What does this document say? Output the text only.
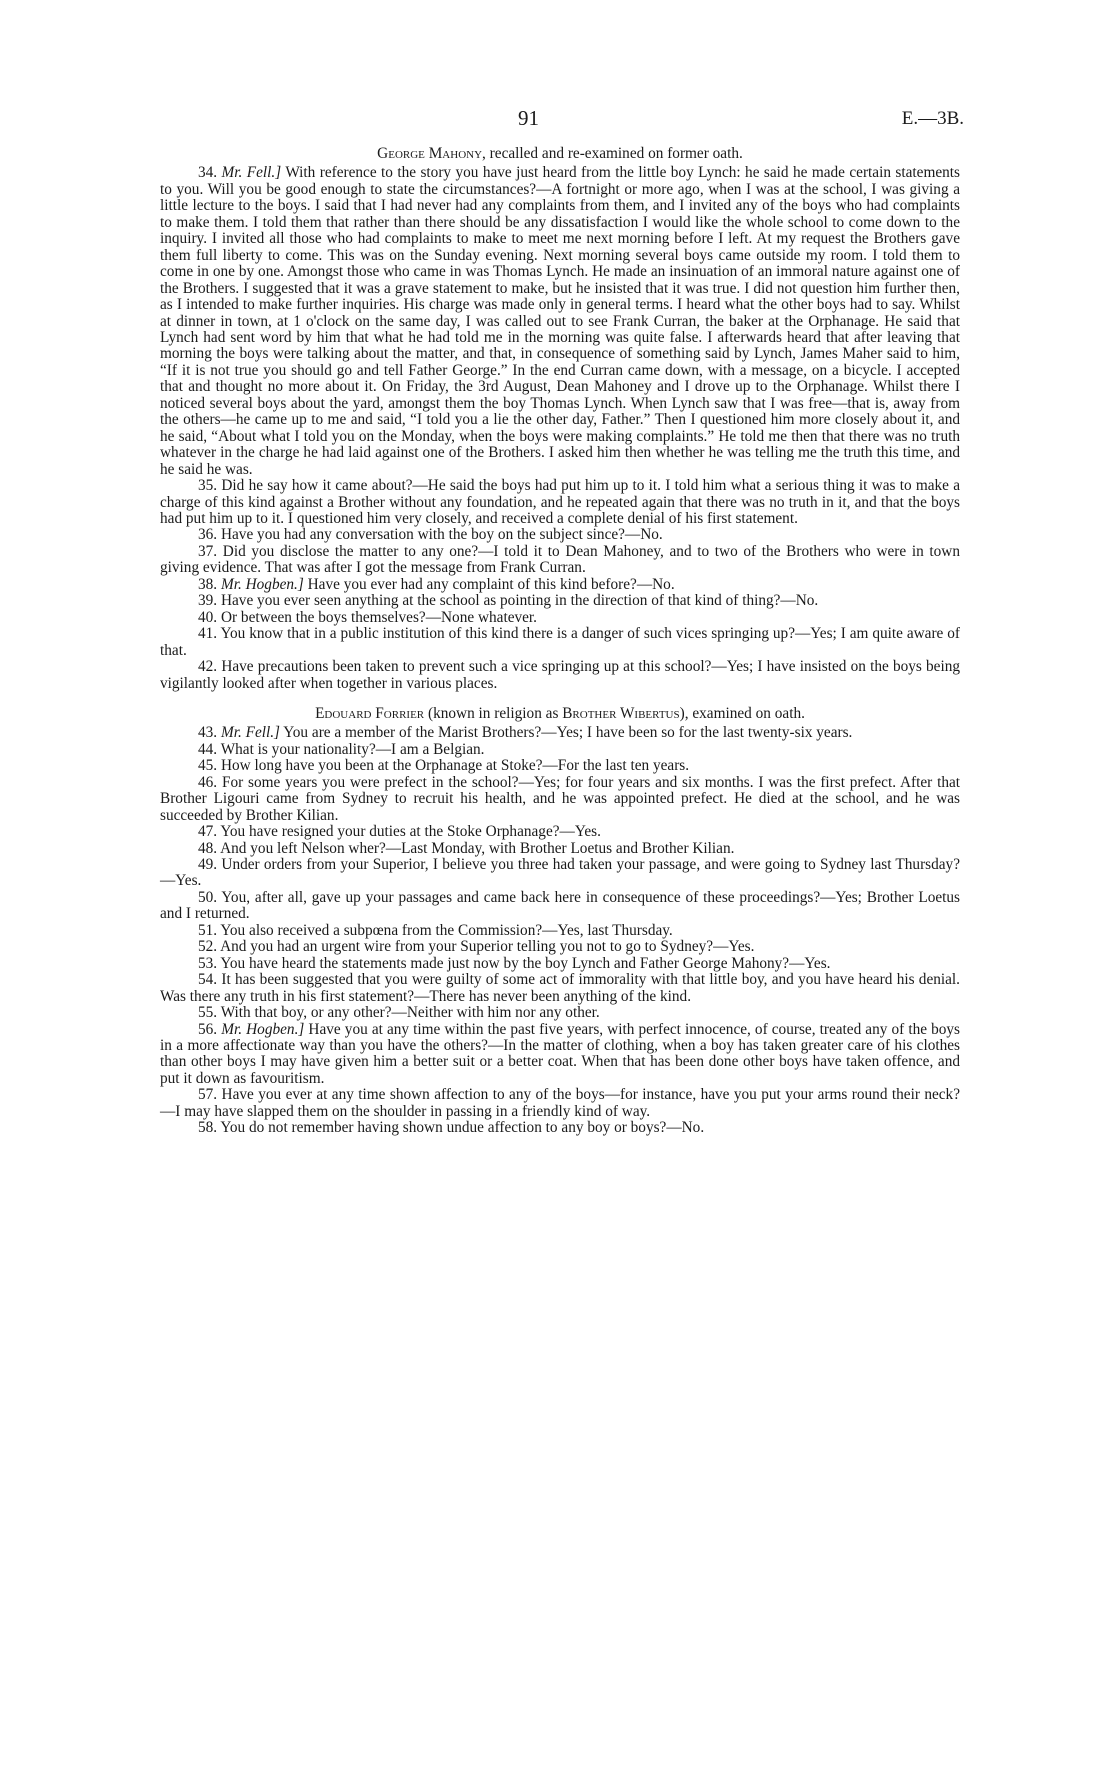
91	E.—3B.
George Mahony, recalled and re-examined on former oath.

34. Mr. Fell.] With reference to the story you have just heard from the little boy Lynch: he said he made certain statements to you. Will you be good enough to state the circumstances?—A fortnight or more ago, when I was at the school, I was giving a little lecture to the boys. I said that I had never had any complaints from them, and I invited any of the boys who had complaints to make them. I told them that rather than there should be any dissatisfaction I would like the whole school to come down to the inquiry. I invited all those who had complaints to make to meet me next morning before I left. At my request the Brothers gave them full liberty to come. This was on the Sunday evening. Next morning several boys came outside my room. I told them to come in one by one. Amongst those who came in was Thomas Lynch. He made an insinuation of an immoral nature against one of the Brothers. I suggested that it was a grave statement to make, but he insisted that it was true. I did not question him further then, as I intended to make further inquiries. His charge was made only in general terms. I heard what the other boys had to say. Whilst at dinner in town, at 1 o'clock on the same day, I was called out to see Frank Curran, the baker at the Orphanage. He said that Lynch had sent word by him that what he had told me in the morning was quite false. I afterwards heard that after leaving that morning the boys were talking about the matter, and that, in consequence of something said by Lynch, James Maher said to him, “If it is not true you should go and tell Father George.” In the end Curran came down, with a message, on a bicycle. I accepted that and thought no more about it. On Friday, the 3rd August, Dean Mahoney and I drove up to the Orphanage. Whilst there I noticed several boys about the yard, amongst them the boy Thomas Lynch. When Lynch saw that I was free—that is, away from the others—he came up to me and said, “I told you a lie the other day, Father.” Then I questioned him more closely about it, and he said, “About what I told you on the Monday, when the boys were making complaints.” He told me then that there was no truth whatever in the charge he had laid against one of the Brothers. I asked him then whether he was telling me the truth this time, and he said he was.

35. Did he say how it came about?—He said the boys had put him up to it. I told him what a serious thing it was to make a charge of this kind against a Brother without any foundation, and he repeated again that there was no truth in it, and that the boys had put him up to it. I questioned him very closely, and received a complete denial of his first statement.

36. Have you had any conversation with the boy on the subject since?—No.

37. Did you disclose the matter to any one?—I told it to Dean Mahoney, and to two of the Brothers who were in town giving evidence. That was after I got the message from Frank Curran.

38. Mr. Hogben.] Have you ever had any complaint of this kind before?—No.

39. Have you ever seen anything at the school as pointing in the direction of that kind of thing?—No.

40. Or between the boys themselves?—None whatever.

41. You know that in a public institution of this kind there is a danger of such vices springing up?—Yes; I am quite aware of that.

42. Have precautions been taken to prevent such a vice springing up at this school?—Yes; I have insisted on the boys being vigilantly looked after when together in various places.

Edouard Forrier (known in religion as Brother Wibertus), examined on oath.

43. Mr. Fell.] You are a member of the Marist Brothers?—Yes; I have been so for the last twenty-six years.

44. What is your nationality?—I am a Belgian.

45. How long have you been at the Orphanage at Stoke?—For the last ten years.

46. For some years you were prefect in the school?—Yes; for four years and six months. I was the first prefect. After that Brother Ligouri came from Sydney to recruit his health, and he was appointed prefect. He died at the school, and he was succeeded by Brother Kilian.

47. You have resigned your duties at the Stoke Orphanage?—Yes.

48. And you left Nelson wher?—Last Monday, with Brother Loetus and Brother Kilian.

49. Under orders from your Superior, I believe you three had taken your passage, and were going to Sydney last Thursday?—Yes.

50. You, after all, gave up your passages and came back here in consequence of these proceedings?—Yes; Brother Loetus and I returned.

51. You also received a subpœna from the Commission?—Yes, last Thursday.

52. And you had an urgent wire from your Superior telling you not to go to Sydney?—Yes.

53. You have heard the statements made just now by the boy Lynch and Father George Mahony?—Yes.

54. It has been suggested that you were guilty of some act of immorality with that little boy, and you have heard his denial. Was there any truth in his first statement?—There has never been anything of the kind.

55. With that boy, or any other?—Neither with him nor any other.

56. Mr. Hogben.] Have you at any time within the past five years, with perfect innocence, of course, treated any of the boys in a more affectionate way than you have the others?—In the matter of clothing, when a boy has taken greater care of his clothes than other boys I may have given him a better suit or a better coat. When that has been done other boys have taken offence, and put it down as favouritism.

57. Have you ever at any time shown affection to any of the boys—for instance, have you put your arms round their neck?—I may have slapped them on the shoulder in passing in a friendly kind of way.

58. You do not remember having shown undue affection to any boy or boys?—No.
